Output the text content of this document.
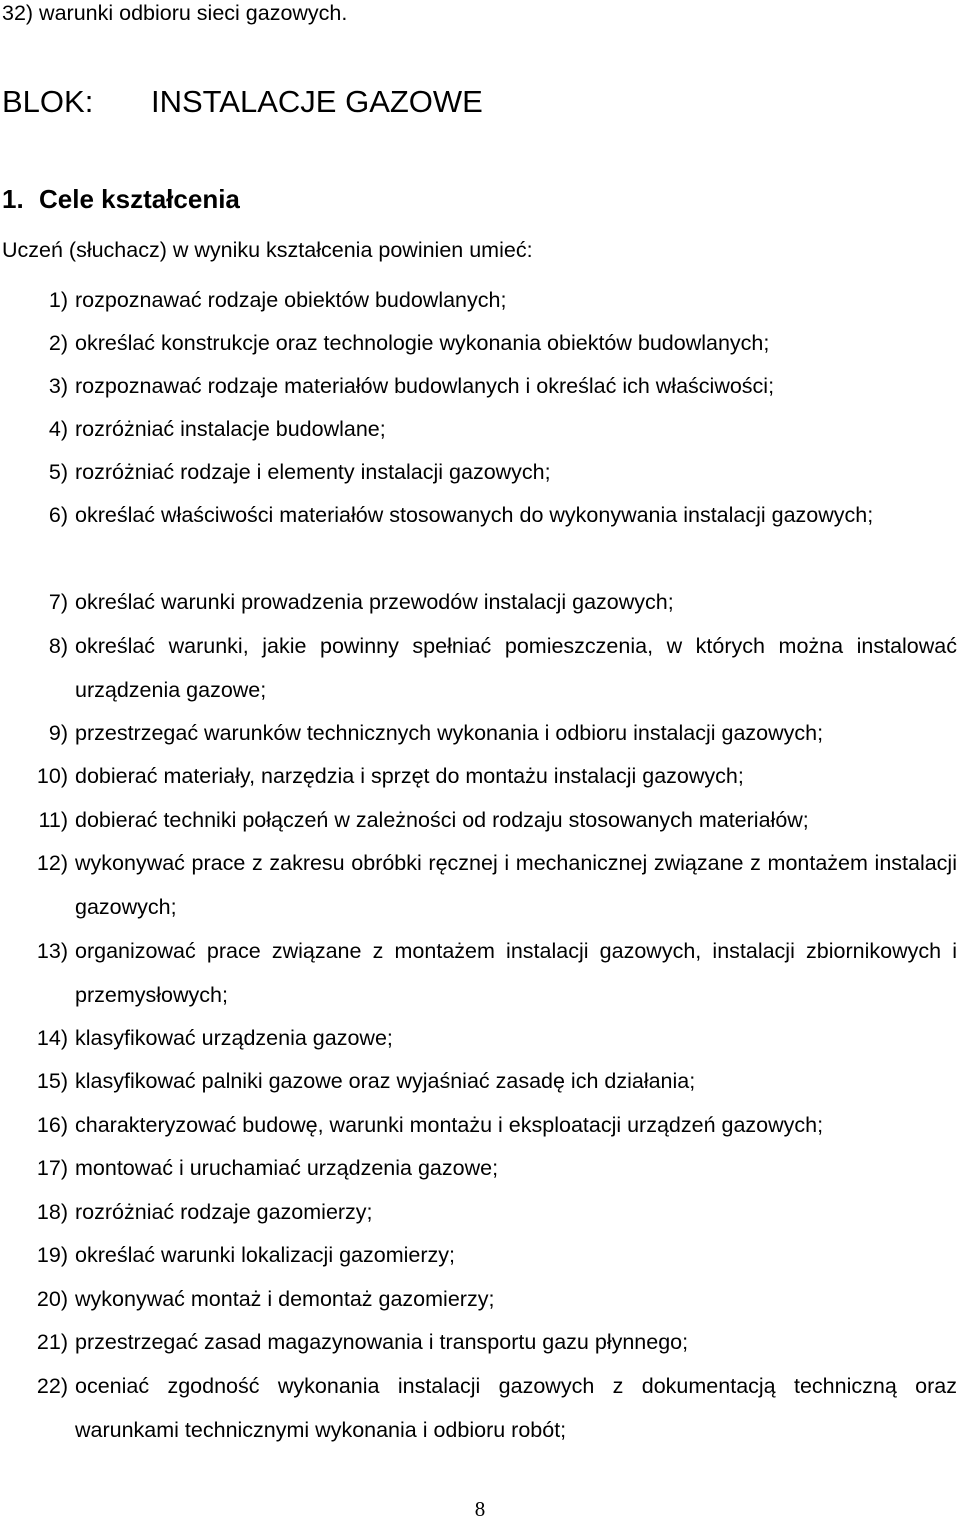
32) warunki odbioru sieci gazowych.
BLOK: INSTALACJE GAZOWE
1. Cele kształcenia
Uczeń (słuchacz) w wyniku kształcenia powinien umieć:
1) rozpoznawać rodzaje obiektów budowlanych;
2) określać konstrukcje oraz technologie wykonania obiektów budowlanych;
3) rozpoznawać rodzaje materiałów budowlanych i określać ich właściwości;
4) rozróżniać instalacje budowlane;
5) rozróżniać rodzaje i elementy instalacji gazowych;
6) określać właściwości materiałów stosowanych do wykonywania instalacji gazowych;
7) określać warunki prowadzenia przewodów instalacji gazowych;
8) określać warunki, jakie powinny spełniać pomieszczenia, w których można instalować urządzenia gazowe;
9) przestrzegać warunków technicznych wykonania i odbioru instalacji gazowych;
10) dobierać materiały, narzędzia i sprzęt do montażu instalacji gazowych;
11) dobierać techniki połączeń w zależności od rodzaju stosowanych materiałów;
12) wykonywać prace z zakresu obróbki ręcznej i mechanicznej związane z montażem instalacji gazowych;
13) organizować prace związane z montażem instalacji gazowych, instalacji zbiornikowych i przemysłowych;
14) klasyfikować urządzenia gazowe;
15) klasyfikować palniki gazowe oraz wyjaśniać zasadę ich działania;
16) charakteryzować budowę, warunki montażu i eksploatacji urządzeń gazowych;
17) montować i uruchamiać urządzenia gazowe;
18) rozróżniać rodzaje gazomierzy;
19) określać warunki lokalizacji gazomierzy;
20) wykonywać montaż i demontaż gazomierzy;
21) przestrzegać zasad magazynowania i transportu gazu płynnego;
22) oceniać zgodność wykonania instalacji gazowych z dokumentacją techniczną oraz warunkami technicznymi wykonania i odbioru robót;
8
